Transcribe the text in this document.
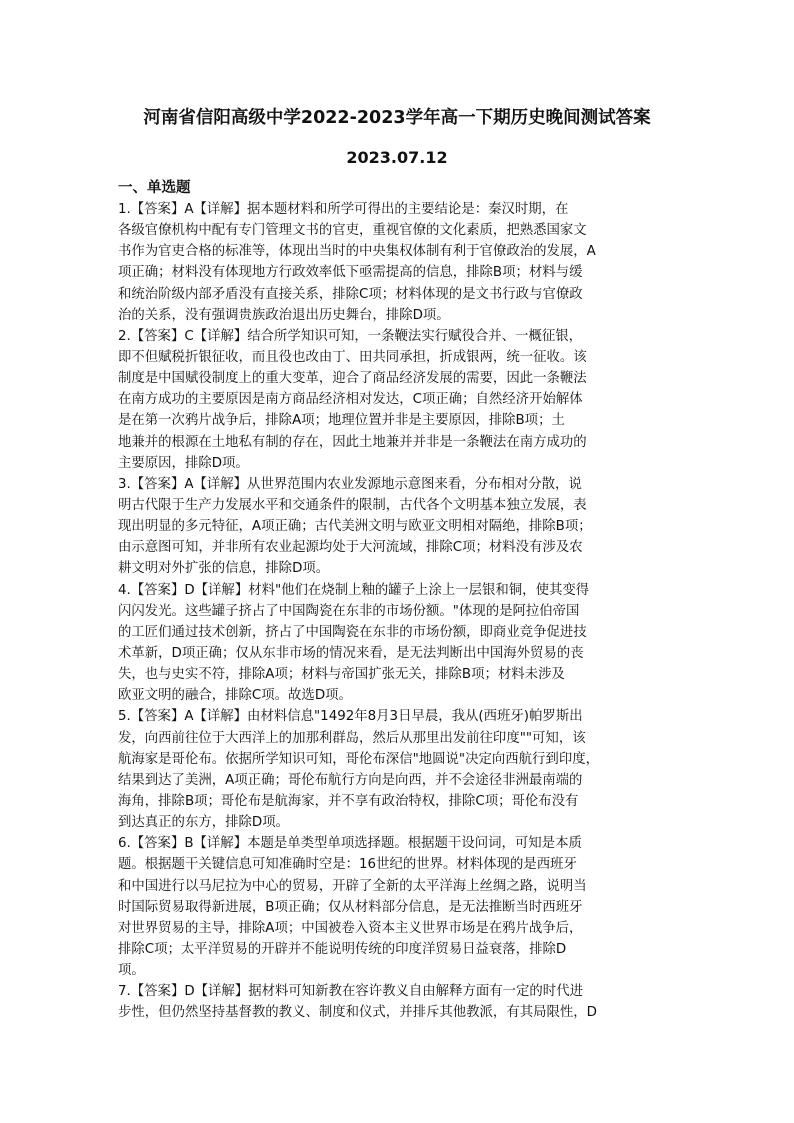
河南省信阳高级中学2022-2023学年高一下期历史晚间测试答案
2023.07.12
一、单选题
1.【答案】A【详解】据本题材料和所学可得出的主要结论是：秦汉时期，在
各级官僚机构中配有专门管理文书的官吏，重视官僚的文化素质，把熟悉国家文
书作为官吏合格的标准等，体现出当时的中央集权体制有利于官僚政治的发展，A
项正确；材料没有体现地方行政效率低下亟需提高的信息，排除B项；材料与缓
和统治阶级内部矛盾没有直接关系，排除C项；材料体现的是文书行政与官僚政
治的关系，没有强调贵族政治退出历史舞台，排除D项。
2.【答案】C【详解】结合所学知识可知，一条鞭法实行赋役合并、一概征银，
即不但赋税折银征收，而且役也改由丁、田共同承担，折成银两，统一征收。该
制度是中国赋役制度上的重大变革，迎合了商品经济发展的需要，因此一条鞭法
在南方成功的主要原因是南方商品经济相对发达，C项正确；自然经济开始解体
是在第一次鸦片战争后，排除A项；地理位置并非是主要原因，排除B项；土
地兼并的根源在土地私有制的存在，因此土地兼并并非是一条鞭法在南方成功的
主要原因，排除D项。
3.【答案】A【详解】从世界范围内农业发源地示意图来看，分布相对分散，说
明古代限于生产力发展水平和交通条件的限制，古代各个文明基本独立发展，表
现出明显的多元特征，A项正确；古代美洲文明与欧亚文明相对隔绝，排除B项；
由示意图可知，并非所有农业起源均处于大河流域，排除C项；材料没有涉及农
耕文明对外扩张的信息，排除D项。
4.【答案】D【详解】材料"他们在烧制上釉的罐子上涂上一层银和铜，使其变得
闪闪发光。这些罐子挤占了中国陶瓷在东非的市场份额。"体现的是阿拉伯帝国
的工匠们通过技术创新，挤占了中国陶瓷在东非的市场份额，即商业竞争促进技
术革新，D项正确；仅从东非市场的情况来看，是无法判断出中国海外贸易的丧
失，也与史实不符，排除A项；材料与帝国扩张无关，排除B项；材料未涉及
欧亚文明的融合，排除C项。故选D项。
5.【答案】A【详解】由材料信息"1492年8月3日早晨，我从(西班牙)帕罗斯出
发，向西前往位于大西洋上的加那利群岛，然后从那里出发前往印度""可知，该
航海家是哥伦布。依据所学知识可知，哥伦布深信"地圆说"决定向西航行到印度，
结果到达了美洲，A项正确；哥伦布航行方向是向西，并不会途径非洲最南端的
海角，排除B项；哥伦布是航海家，并不享有政治特权，排除C项；哥伦布没有
到达真正的东方，排除D项。
6.【答案】B【详解】本题是单类型单项选择题。根据题干设问词，可知是本质
题。根据题干关键信息可知准确时空是：16世纪的世界。材料体现的是西班牙
和中国进行以马尼拉为中心的贸易，开辟了全新的太平洋海上丝绸之路，说明当
时国际贸易取得新进展，B项正确；仅从材料部分信息，是无法推断当时西班牙
对世界贸易的主导，排除A项；中国被卷入资本主义世界市场是在鸦片战争后，
排除C项；太平洋贸易的开辟并不能说明传统的印度洋贸易日益衰落，排除D
项。
7.【答案】D【详解】据材料可知新教在容许教义自由解释方面有一定的时代进
步性，但仍然坚持基督教的教义、制度和仪式，并排斥其他教派，有其局限性，D
